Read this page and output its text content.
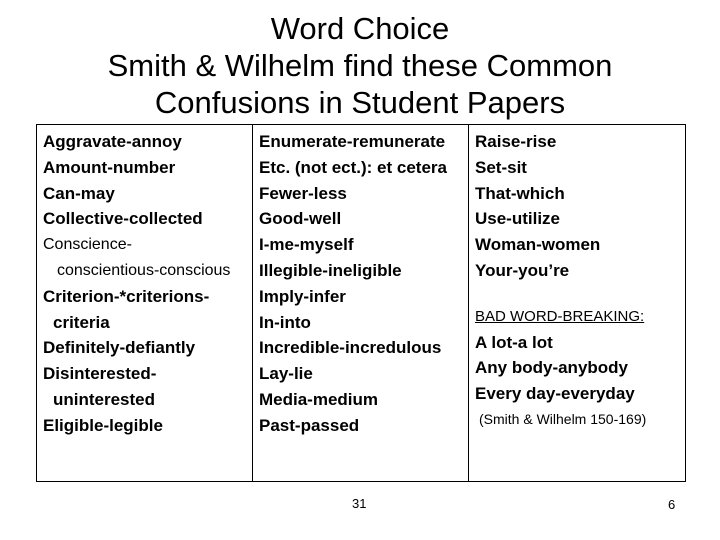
Word Choice
Smith & Wilhelm find these Common
Confusions in Student Papers
Aggravate-annoy
Amount-number
Can-may
Collective-collected
Conscience-
conscientious-conscious
Criterion-*criterions-
criteria
Definitely-defiantly
Disinterested-
uninterested
Eligible-legible
Enumerate-remunerate
Etc. (not ect.): et cetera
Fewer-less
Good-well
I-me-myself
Illegible-ineligible
Imply-infer
In-into
Incredible-incredulous
Lay-lie
Media-medium
Past-passed
Raise-rise
Set-sit
That-which
Use-utilize
Woman-women
Your-you’re
BAD WORD-BREAKING:
A lot-a lot
Any body-anybody
Every day-everyday
(Smith & Wilhelm 150-169)
31	6
